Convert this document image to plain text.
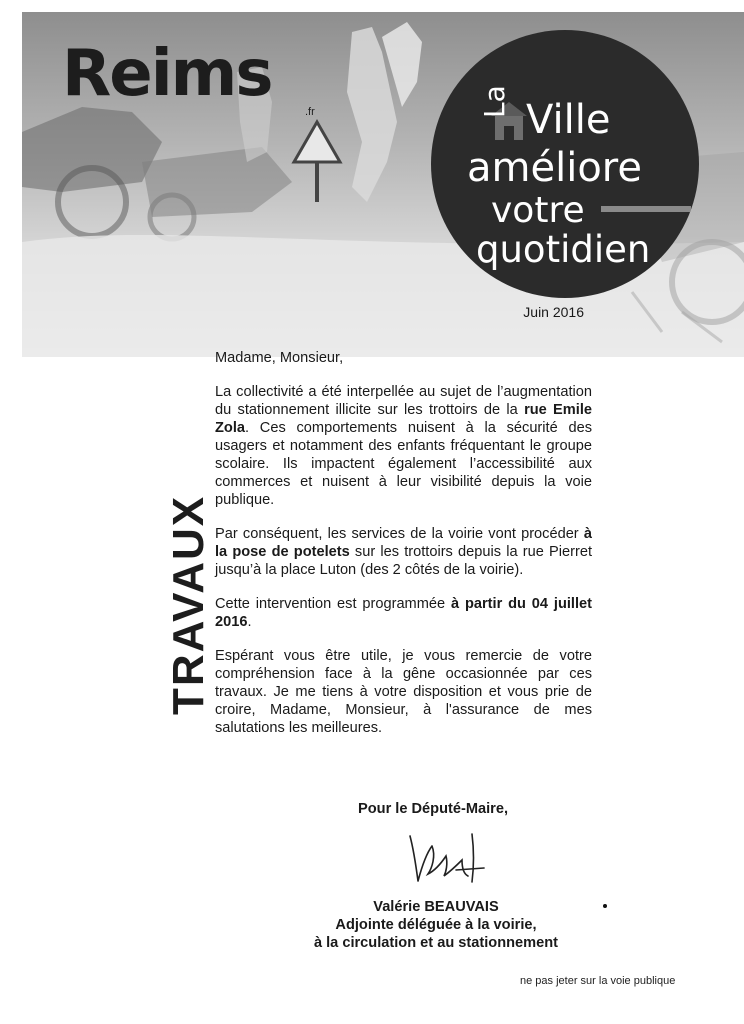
Reims
.fr	La Ville
améliore
votre
quotidien
Juin 2016
TRAVAUX

Madame, Monsieur,

La collectivité a été interpellée au sujet de l’augmentation du stationnement illicite sur les trottoirs de la rue Emile Zola. Ces comportements nuisent à la sécurité des usagers et notamment des enfants fréquentant le groupe scolaire. Ils impactent également l’accessibilité aux commerces et nuisent à leur visibilité depuis la voie publique.

Par conséquent, les services de la voirie vont procéder à la pose de potelets sur les trottoirs depuis la rue Pierret jusqu’à la place Luton (des 2 côtés de la voirie).

Cette intervention est programmée à partir du 04 juillet 2016.

Espérant vous être utile, je vous remercie de votre compréhension face à la gêne occasionnée par ces travaux. Je me tiens à votre disposition et vous prie de croire, Madame, Monsieur, à l'assurance de mes salutations les meilleures.

Pour le Député-Maire,
Valérie BEAUVAIS
Adjointe déléguée à la voirie,
à la circulation et au stationnement
ne pas jeter sur la voie publique
